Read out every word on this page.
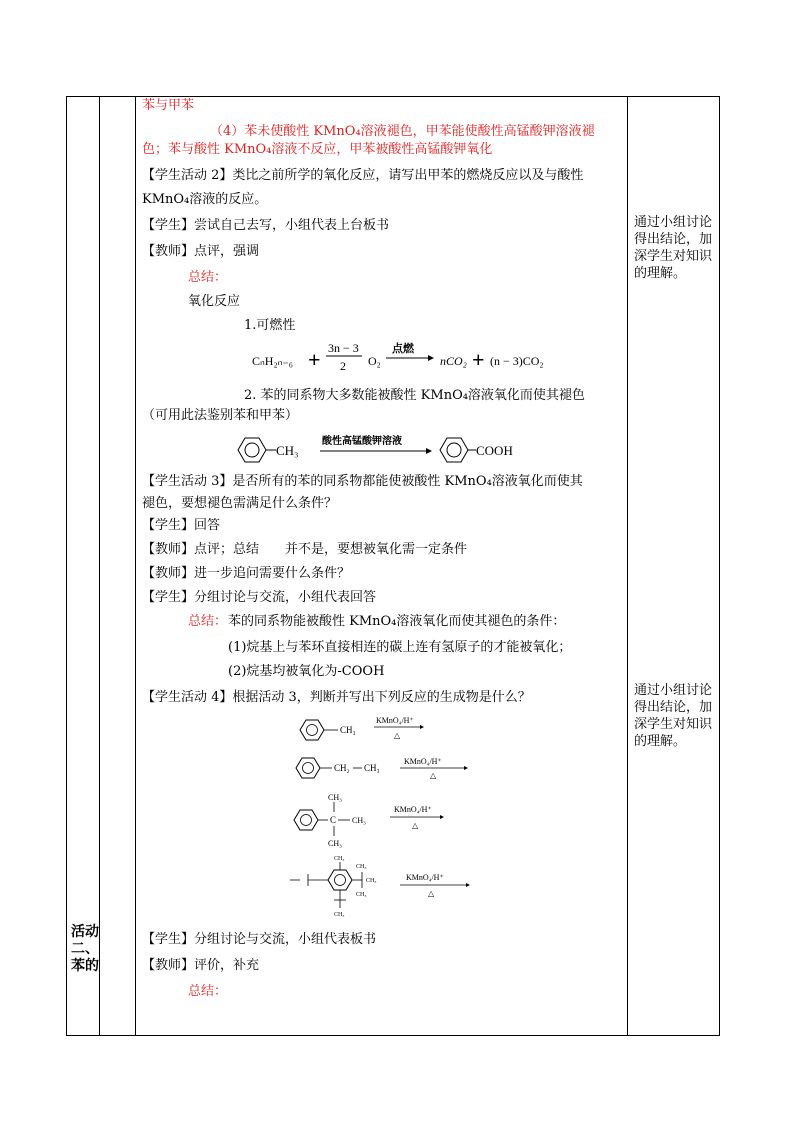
活动二、苯的
通过小组讨论得出结论，加深学生对知识的理解。
通过小组讨论得出结论，加深学生对知识的理解。
苯与甲苯
（4）苯未使酸性 KMnO₄溶液褪色，甲苯能使酸性高锰酸钾溶液褪
色；苯与酸性 KMnO₄溶液不反应，甲苯被酸性高锰酸钾氧化
【学生活动 2】类比之前所学的氧化反应，请写出甲苯的燃烧反应以及与酸性
KMnO₄溶液的反应。
【学生】尝试自己去写，小组代表上台板书
【教师】点评，强调
总结：
氧化反应
1.可燃性
CₙH₂ₙ₋₆ + 3n − 3
2 O₂
点燃
nCO₂ + (n − 3)CO₂
2. 苯的同系物大多数能被酸性 KMnO₄溶液氧化而使其褪色
（可用此法鉴别苯和甲苯）
CH₃
酸性高锰酸钾溶液
COOH
【学生活动 3】是否所有的苯的同系物都能使被酸性 KMnO₄溶液氧化而使其
褪色，要想褪色需满足什么条件？
【学生】回答
【教师】点评；总结　　并不是，要想被氧化需一定条件
【教师】进一步追问需要什么条件？
【学生】分组讨论与交流，小组代表回答
总结： 苯的同系物能被酸性 KMnO₄溶液氧化而使其褪色的条件：
(1)烷基上与苯环直接相连的碳上连有氢原子的才能被氧化；
(2)烷基均被氧化为-COOH
【学生活动 4】根据活动 3，判断并写出下列反应的生成物是什么？
CH₃
KMnO₄/H⁺
△
CH₂ CH₃
KMnO₄/H⁺
△
C
CH₃
CH₃
CH₃
KMnO₄/H⁺
△
CH₃
CH₃
CH₃
CH₃
CH₃
KMnO₄/H⁺
△
【学生】分组讨论与交流，小组代表板书
【教师】评价，补充
总结：
